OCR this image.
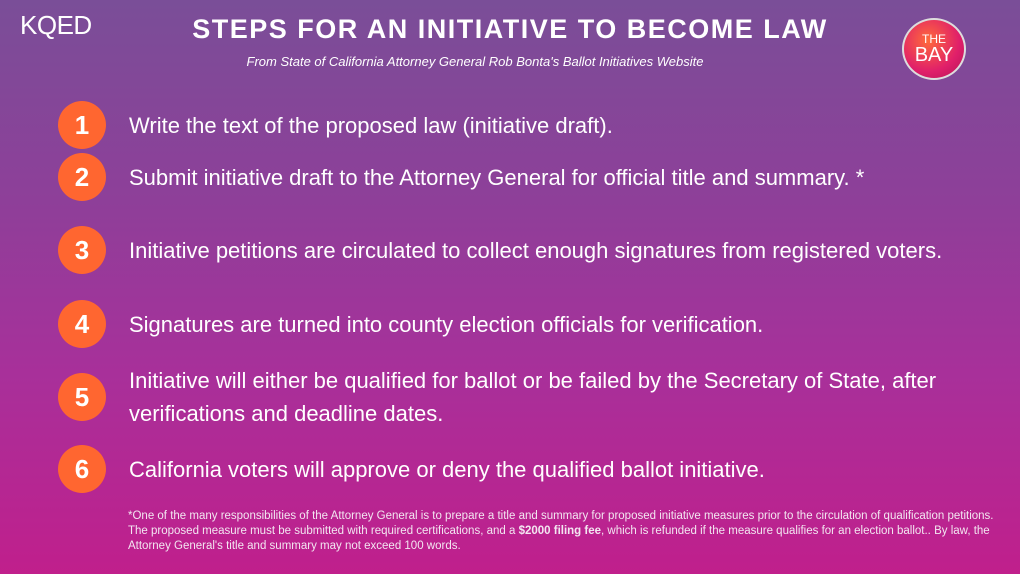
KQED	STEPS FOR AN INITIATIVE TO BECOME LAW
From State of California Attorney General Rob Bonta's Ballot Initiatives Website
THE
BAY
1	Write the text of the proposed law (initiative draft).
2	Submit initiative draft to the Attorney General for official title and summary. *
3	Initiative petitions are circulated to collect enough signatures from registered voters.
4	Signatures are turned into county election officials for verification.
5
Initiative will either be qualified for ballot or be failed by the Secretary of State, after verifications and deadline dates.
6	California voters will approve or deny the qualified ballot initiative.
*One of the many responsibilities of the Attorney General is to prepare a title and summary for proposed initiative measures prior to the circulation of qualification petitions. The proposed measure must be submitted with required certifications, and a $2000 filing fee, which is refunded if the measure qualifies for an election ballot.. By law, the Attorney General's title and summary may not exceed 100 words.
